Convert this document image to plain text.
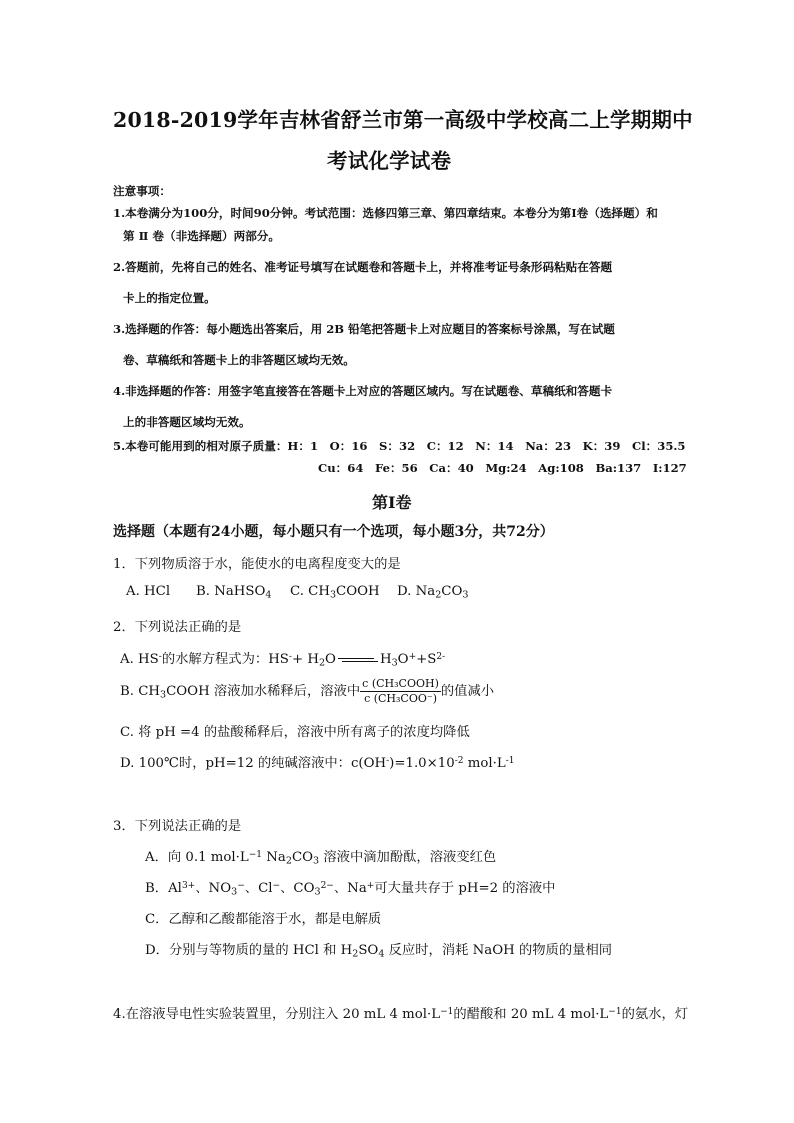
2018-2019学年吉林省舒兰市第一高级中学校高二上学期期中
考试化学试卷
注意事项：
1.本卷满分为100分，时间90分钟。考试范围：选修四第三章、第四章结束。本卷分为第Ⅰ卷（选择题）和
第 Ⅱ 卷（非选择题）两部分。
2.答题前，先将自己的姓名、准考证号填写在试题卷和答题卡上，并将准考证号条形码粘贴在答题
卡上的指定位置。
3.选择题的作答：每小题选出答案后，用 2B 铅笔把答题卡上对应题目的答案标号涂黑，写在试题
卷、草稿纸和答题卡上的非答题区域均无效。
4.非选择题的作答：用签字笔直接答在答题卡上对应的答题区域内。写在试题卷、草稿纸和答题卡
上的非答题区域均无效。
5.本卷可能用到的相对原子质量：H：1　O：16　S：32　C：12　N：14　Na：23　K：39　Cl：35.5
Cu：64　Fe：56　Ca：40　Mg:24　Ag:108　Ba:137　I:127
第Ⅰ卷
选择题（本题有24小题，每小题只有一个选项，每小题3分，共72分）
1．下列物质溶于水，能使水的电离程度变大的是
A. HCl B. NaHSO$_4$ C. $CH_3COOH$ D. $Na_2CO_3$
2．下列说法正确的是
A. HS-的水解方程式为：$HS^-+ H_2O$	$H_3O^++S^{2-}$
B. $CH_3COOH$ 溶液加水稀释后，溶液中 $\frac{\text{c (CH₃COOH)}}{\text{c (CH₃COO⁻)}}$ 的值减小
C. 将 pH =4 的盐酸稀释后，溶液中所有离子的浓度均降低
D. 100℃时，pH=12 的纯碱溶液中：$c(OH^-)=1.0\times 10^{-2}$ $mol\cdot L^{-1}$
3．下列说法正确的是
A．向 0.1 $mol\cdot L^{-1}$ $Na_2CO_3$ 溶液中滴加酚酞，溶液变红色
B．$Al^{3+}$、$NO_3^-$、Cl−、$CO_3^{2-}$、Na+可大量共存于 pH=2 的溶液中
C．乙醇和乙酸都能溶于水，都是电解质
D．分别与等物质的量的 HCl 和 $H_2SO_4$ 反应时，消耗 NaOH 的物质的量相同
4.在溶液导电性实验装置里，分别注入 20 mL 4 $mol\cdot L^{-1}$的醋酸和 20 mL 4 $mol\cdot L^{-1}$的氨水，灯
